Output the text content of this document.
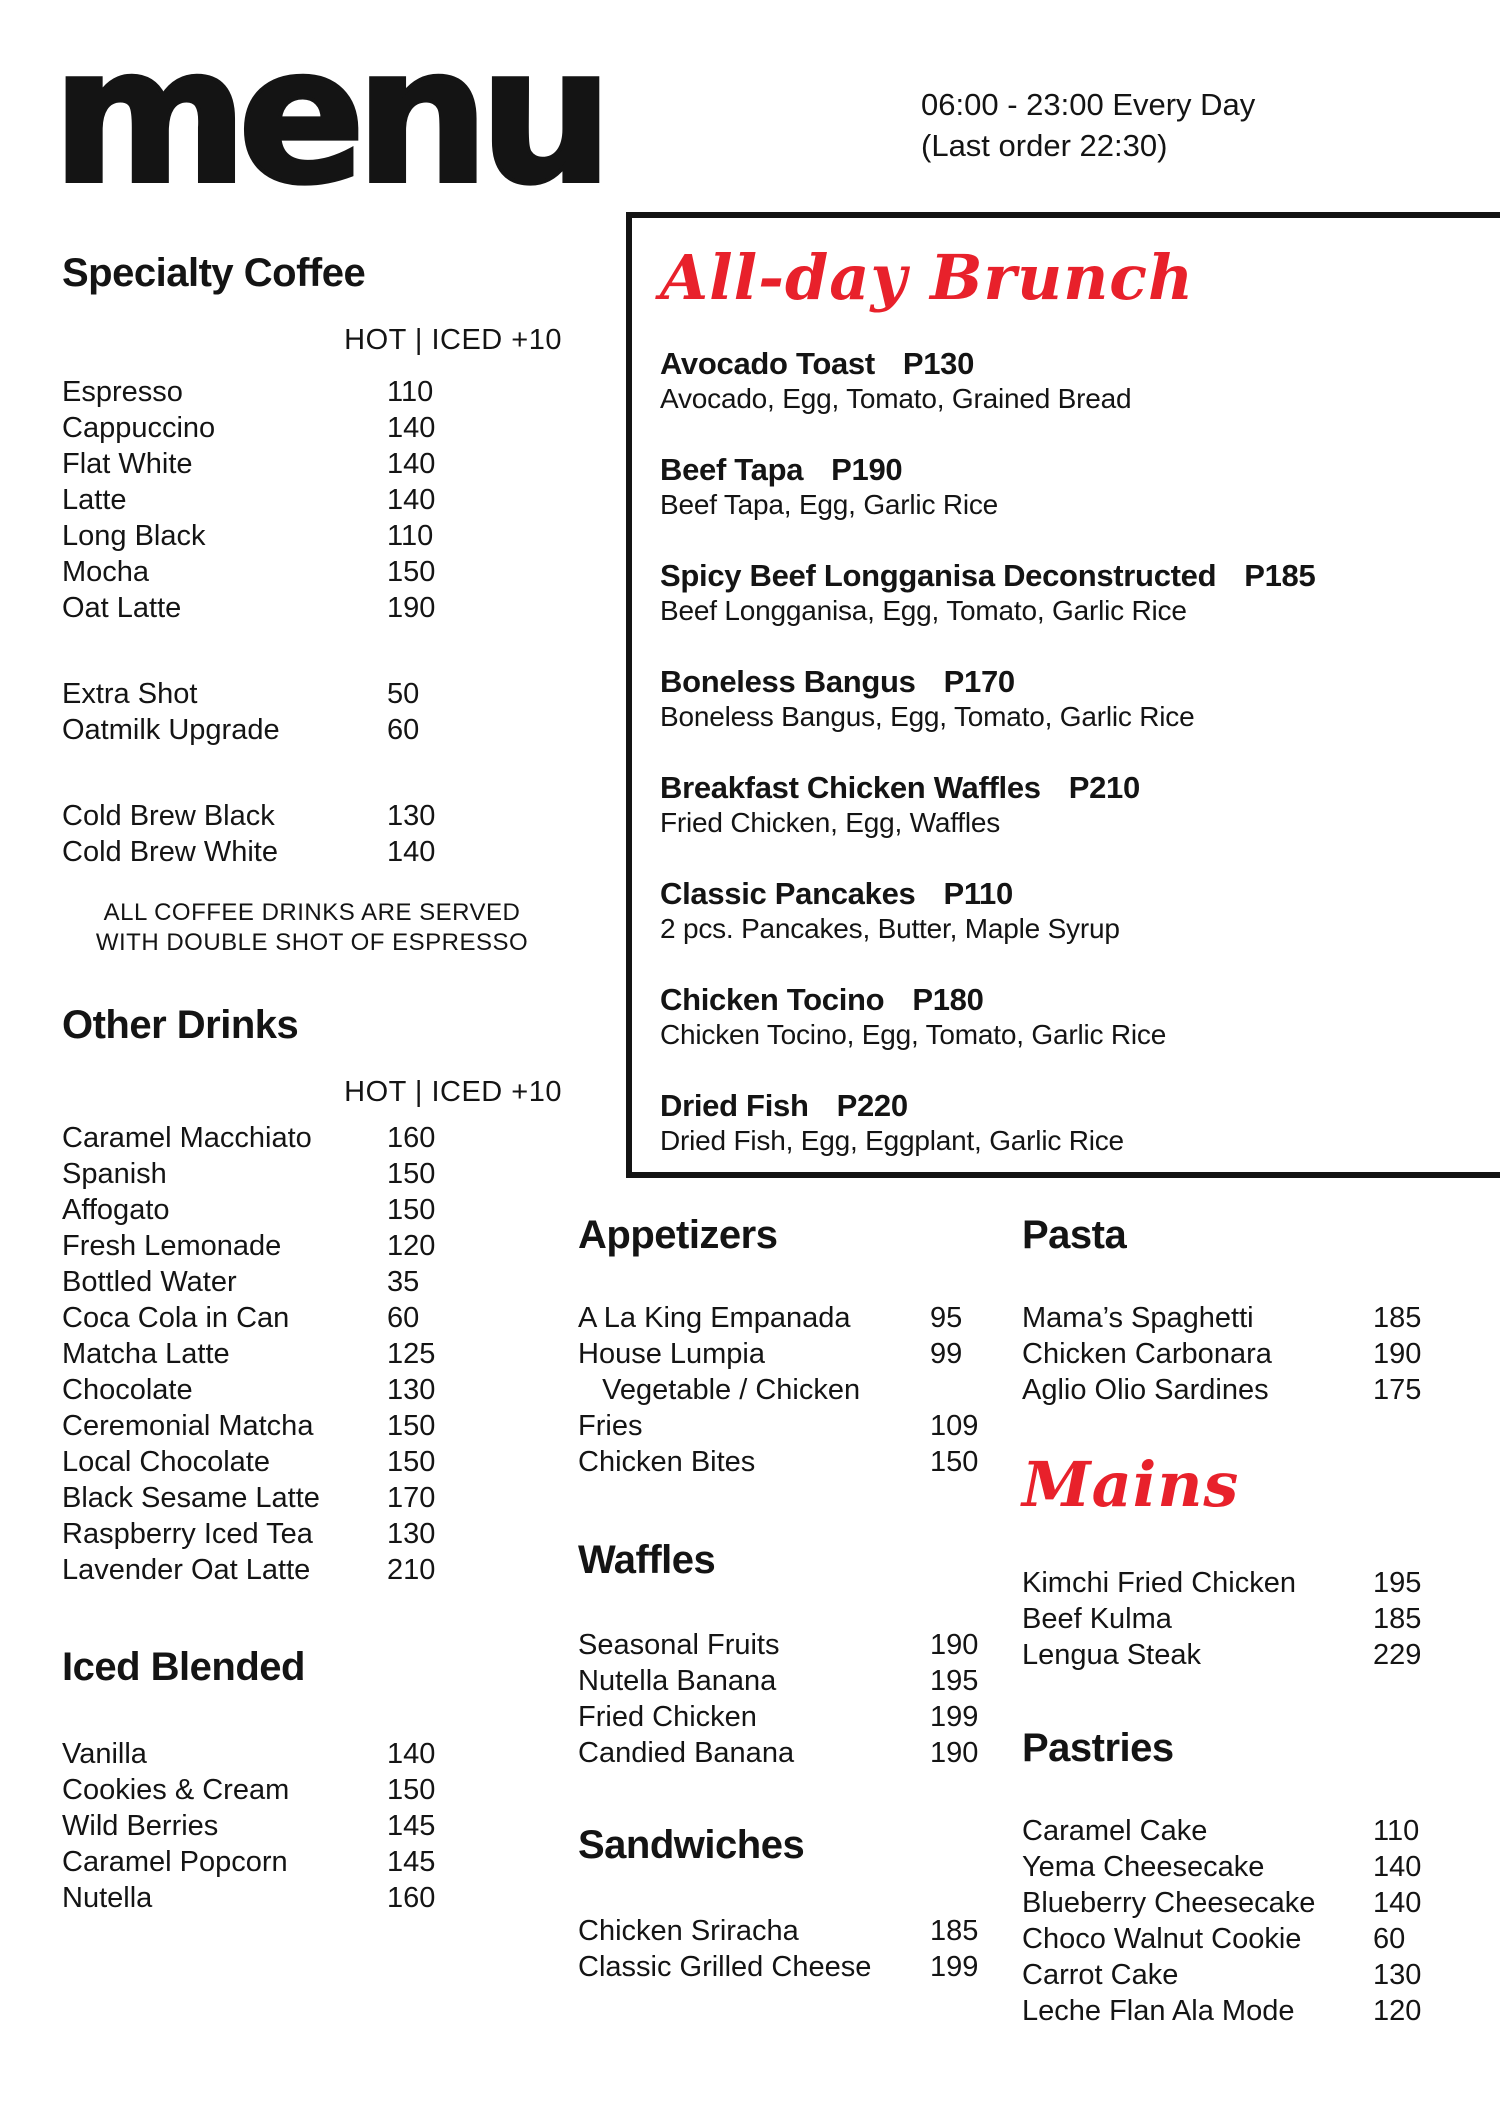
menu	06:00 - 23:00 Every Day
(Last order 22:30)
All-day Brunch
Avocado Toast P130
Avocado, Egg, Tomato, Grained Bread
Beef Tapa P190
Beef Tapa, Egg, Garlic Rice
Spicy Beef Longganisa Deconstructed P185
Beef Longganisa, Egg, Tomato, Garlic Rice
Boneless Bangus P170
Boneless Bangus, Egg, Tomato, Garlic Rice
Breakfast Chicken Waffles P210
Fried Chicken, Egg, Waffles
Classic Pancakes P110
2 pcs. Pancakes, Butter, Maple Syrup
Chicken Tocino P180
Chicken Tocino, Egg, Tomato, Garlic Rice
Dried Fish P220
Dried Fish, Egg, Eggplant, Garlic Rice
Specialty Coffee
HOT | ICED +10
Espresso	110
Cappuccino	140
Flat White	140
Latte	140
Long Black	110
Mocha	150
Oat Latte	190
Extra Shot	50
Oatmilk Upgrade	60
Cold Brew Black	130
Cold Brew White	140
ALL COFFEE DRINKS ARE SERVED
WITH DOUBLE SHOT OF ESPRESSO
Other Drinks
HOT | ICED +10
Caramel Macchiato	160
Spanish	150
Affogato	150
Fresh Lemonade	120
Bottled Water	35
Coca Cola in Can	60
Matcha Latte	125
Chocolate	130
Ceremonial Matcha	150
Local Chocolate	150
Black Sesame Latte	170
Raspberry Iced Tea	130
Lavender Oat Latte	210
Iced Blended
Vanilla	140
Cookies & Cream	150
Wild Berries	145
Caramel Popcorn	145
Nutella	160
Appetizers
A La King Empanada	95
House Lumpia	99
Vegetable / Chicken
Fries	109
Chicken Bites	150
Waffles
Seasonal Fruits	190
Nutella Banana	195
Fried Chicken	199
Candied Banana	190
Sandwiches
Chicken Sriracha	185
Classic Grilled Cheese	199
Pasta
Mama’s Spaghetti	185
Chicken Carbonara	190
Aglio Olio Sardines	175
Mains
Kimchi Fried Chicken	195
Beef Kulma	185
Lengua Steak	229
Pastries
Caramel Cake	110
Yema Cheesecake	140
Blueberry Cheesecake	140
Choco Walnut Cookie	60
Carrot Cake	130
Leche Flan Ala Mode	120
